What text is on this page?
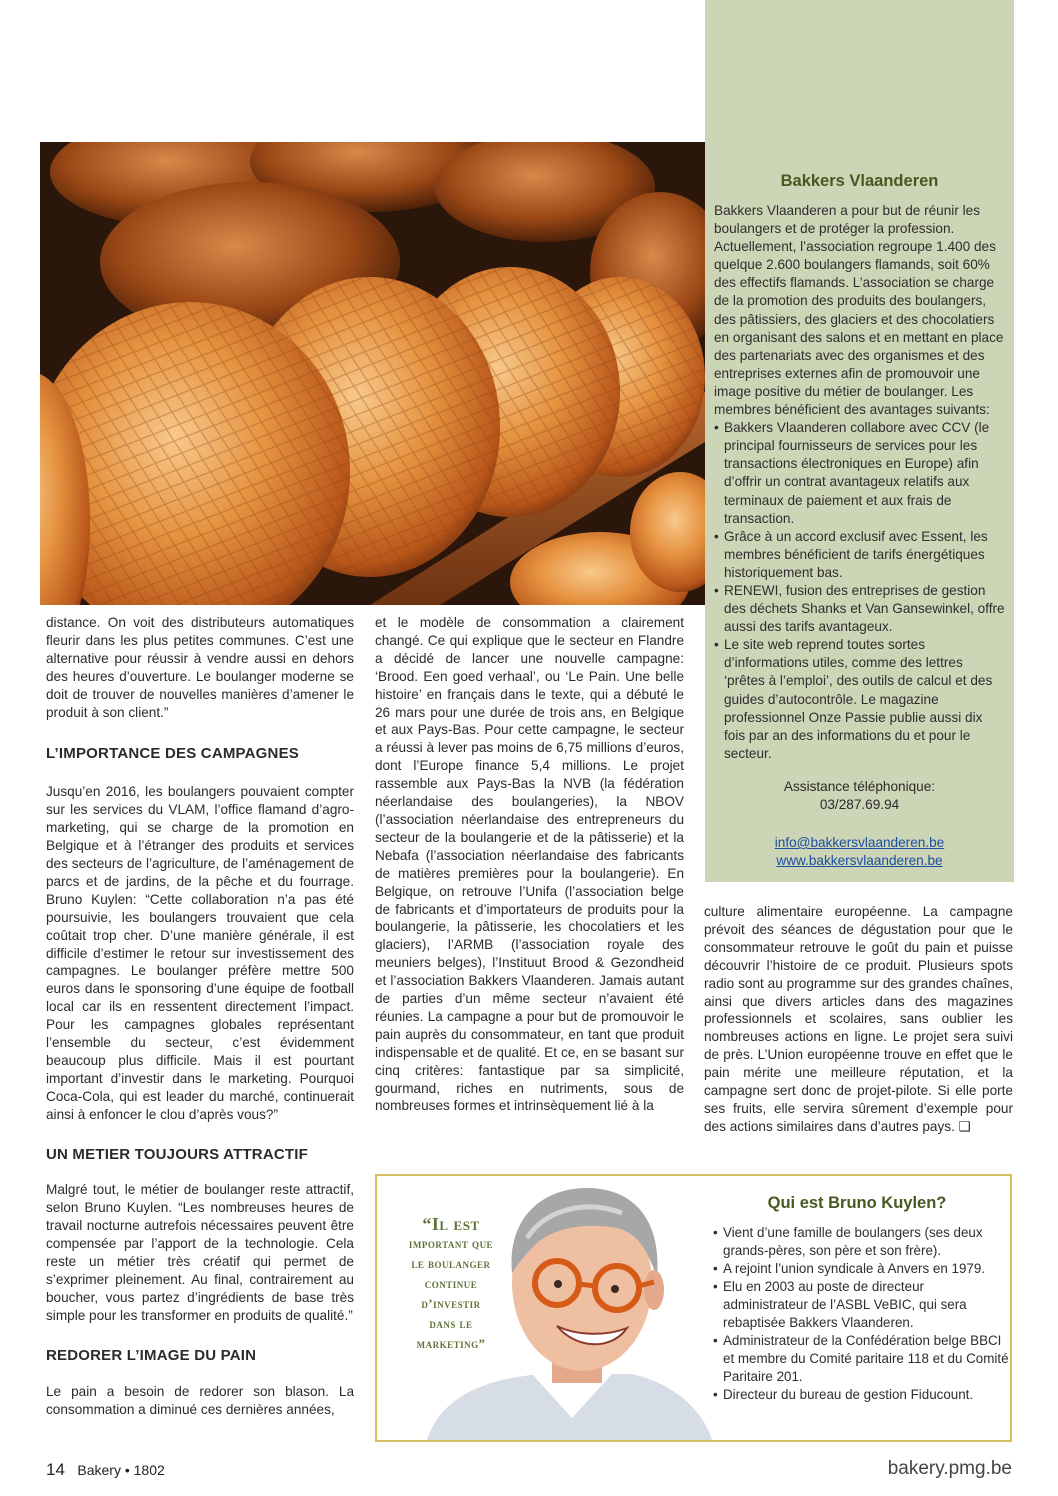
Bakkers Vlaanderen
Bakkers Vlaanderen a pour but de réunir les boulangers et de protéger la profession. Actuellement, l’association regroupe 1.400 des quelque 2.600 boulangers flamands, soit 60% des effectifs flamands. L’association se charge de la promotion des produits des boulangers, des pâtissiers, des glaciers et des chocolatiers en organisant des salons et en mettant en place des partenariats avec des organismes et des entreprises externes afin de promouvoir une image positive du métier de boulanger. Les membres bénéficient des avantages suivants:
• Bakkers Vlaanderen collabore avec CCV (le principal fournisseurs de services pour les transactions électroniques en Europe) afin d’offrir un contrat avantageux relatifs aux terminaux de paiement et aux frais de transaction.
• Grâce à un accord exclusif avec Essent, les membres bénéficient de tarifs énergétiques historiquement bas.
• RENEWI, fusion des entreprises de gestion des déchets Shanks et Van Gansewinkel, offre aussi des tarifs avantageux.
• Le site web reprend toutes sortes d’informations utiles, comme des lettres ‘prêtes à l’emploi’, des outils de calcul et des guides d’autocontrôle. Le magazine professionnel Onze Passie publie aussi dix fois par an des informations du et pour le secteur.
Assistance téléphonique:
03/287.69.94
info@bakkersvlaanderen.be
www.bakkersvlaanderen.be

distance. On voit des distributeurs automatiques fleurir dans les plus petites communes. C’est une alternative pour réussir à vendre aussi en dehors des heures d’ouverture. Le boulanger moderne se doit de trouver de nouvelles manières d’amener le produit à son client.”

L’IMPORTANCE DES CAMPAGNES

Jusqu’en 2016, les boulangers pouvaient compter sur les services du VLAM, l’office flamand d’agro-marketing, qui se charge de la promotion en Belgique et à l’étranger des produits et services des secteurs de l’agriculture, de l’aménagement de parcs et de jardins, de la pêche et du fourrage. Bruno Kuylen: “Cette collaboration n’a pas été poursuivie, les boulangers trouvaient que cela coûtait trop cher. D’une manière générale, il est difficile d’estimer le retour sur investissement des campagnes. Le boulanger préfère mettre 500 euros dans le sponsoring d’une équipe de football local car ils en ressentent directement l’impact. Pour les campagnes globales représentant l’ensemble du secteur, c’est évidemment beaucoup plus difficile. Mais il est pourtant important d’investir dans le marketing. Pourquoi Coca-Cola, qui est leader du marché, continuerait ainsi à enfoncer le clou d’après vous?”

UN METIER TOUJOURS ATTRACTIF

Malgré tout, le métier de boulanger reste attractif, selon Bruno Kuylen. “Les nombreuses heures de travail nocturne autrefois nécessaires peuvent être compensée par l’apport de la technologie. Cela reste un métier très créatif qui permet de s’exprimer pleinement. Au final, contrairement au boucher, vous partez d’ingrédients de base très simple pour les transformer en produits de qualité.”

REDORER L’IMAGE DU PAIN

Le pain a besoin de redorer son blason. La consommation a diminué ces dernières années,

et le modèle de consommation a clairement changé. Ce qui explique que le secteur en Flandre a décidé de lancer une nouvelle campagne: ‘Brood. Een goed verhaal’, ou ‘Le Pain. Une belle histoire’ en français dans le texte, qui a débuté le 26 mars pour une durée de trois ans, en Belgique et aux Pays-Bas. Pour cette campagne, le secteur a réussi à lever pas moins de 6,75 millions d’euros, dont l’Europe finance 5,4 millions. Le projet rassemble aux Pays-Bas la NVB (la fédération néerlandaise des boulangeries), la NBOV (l’association néerlandaise des entrepreneurs du secteur de la boulangerie et de la pâtisserie) et la Nebafa (l’association néerlandaise des fabricants de matières premières pour la boulangerie). En Belgique, on retrouve l’Unifa (l’association belge de fabricants et d’importateurs de produits pour la boulangerie, la pâtisserie, les chocolatiers et les glaciers), l’ARMB (l’association royale des meuniers belges), l’Instituut Brood & Gezondheid et l’association Bakkers Vlaanderen. Jamais autant de parties d’un même secteur n’avaient été réunies. La campagne a pour but de promouvoir le pain auprès du consommateur, en tant que produit indispensable et de qualité. Et ce, en se basant sur cinq critères: fantastique par sa simplicité, gourmand, riches en nutriments, sous de nombreuses formes et intrinsèquement lié à la

culture alimentaire européenne. La campagne prévoit des séances de dégustation pour que le consommateur retrouve le goût du pain et puisse découvrir l’histoire de ce produit. Plusieurs spots radio sont au programme sur des grandes chaînes, ainsi que divers articles dans des magazines professionnels et scolaires, sans oublier les nombreuses actions en ligne. Le projet sera suivi de près. L’Union européenne trouve en effet que le pain mérite une meilleure réputation, et la campagne sert donc de projet-pilote. Si elle porte ses fruits, elle servira sûrement d’exemple pour des actions similaires dans d’autres pays. ❑

“Il est
important que
le boulanger
continue
d’investir
dans le
marketing”
Qui est Bruno Kuylen?
• Vient d’une famille de boulangers (ses deux grands-pères, son père et son frère).
• A rejoint l’union syndicale à Anvers en 1979.
• Elu en 2003 au poste de directeur administrateur de l’ASBL VeBIC, qui sera rebaptisée Bakkers Vlaanderen.
• Administrateur de la Confédération belge BBCI et membre du Comité paritaire 118 et du Comité Paritaire 201.
• Directeur du bureau de gestion Fiducount.
14 Bakery • 1802	bakery.pmg.be
